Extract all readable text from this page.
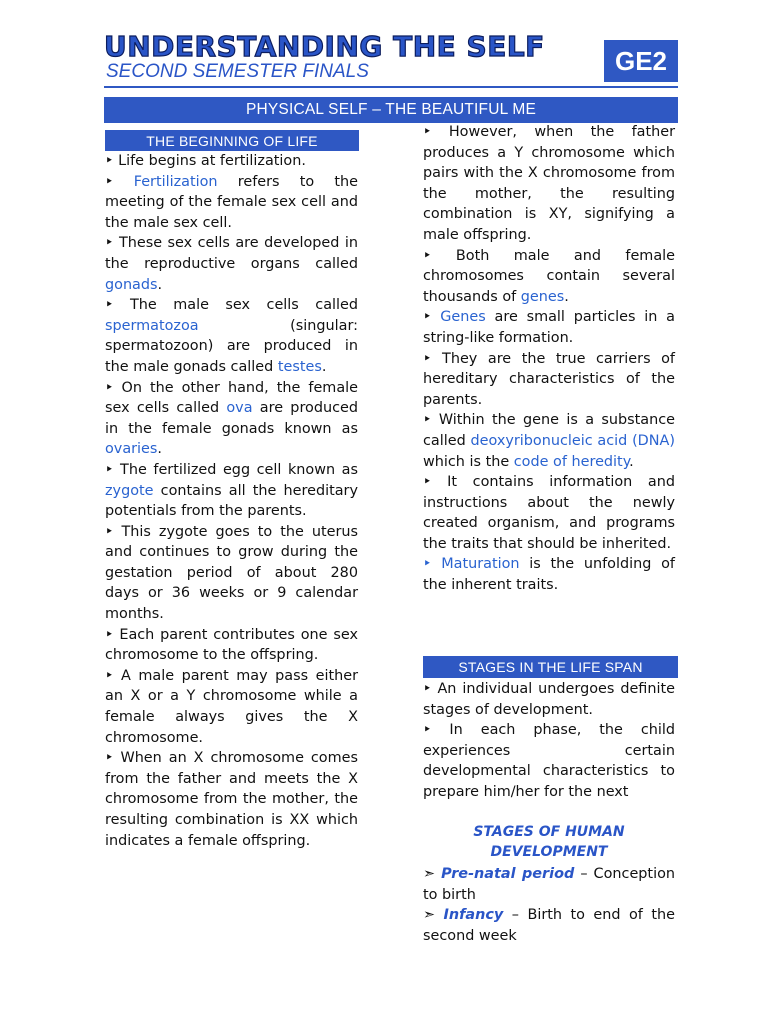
UNDERSTANDING THE SELF
SECOND SEMESTER FINALS	GE2
PHYSICAL SELF – THE BEAUTIFUL ME
THE BEGINNING OF LIFE

‣ Life begins at fertilization.

‣ Fertilization refers to the meeting of the female sex cell and the male sex cell.

‣ These sex cells are developed in the reproductive organs called gonads.

‣ The male sex cells called spermatozoa (singular: spermatozoon) are produced in the male gonads called testes.

‣ On the other hand, the female sex cells called ova are produced in the female gonads known as ovaries.

‣ The fertilized egg cell known as zygote contains all the hereditary potentials from the parents.

‣ This zygote goes to the uterus and continues to grow during the gestation period of about 280 days or 36 weeks or 9 calendar months.

‣ Each parent contributes one sex chromosome to the offspring.

‣ A male parent may pass either an X or a Y chromosome while a female always gives the X chromosome.

‣ When an X chromosome comes from the father and meets the X chromosome from the mother, the resulting combination is XX which indicates a female offspring.

‣ However, when the father produces a Y chromosome which pairs with the X chromosome from the mother, the resulting combination is XY, signifying a male offspring.

‣ Both male and female chromosomes contain several thousands of genes.

‣ Genes are small particles in a string-like formation.

‣ They are the true carriers of hereditary characteristics of the parents.

‣ Within the gene is a substance called deoxyribonucleic acid (DNA) which is the code of heredity.

‣ It contains information and instructions about the newly created organism, and programs the traits that should be inherited.

‣ Maturation is the unfolding of the inherent traits.

STAGES IN THE LIFE SPAN

‣ An individual undergoes definite stages of development.

‣ In each phase, the child experiences certain developmental characteristics to prepare him/her for the next

STAGES OF HUMAN DEVELOPMENT

➣ Pre-natal period – Conception to birth

➣ Infancy – Birth to end of the second week
